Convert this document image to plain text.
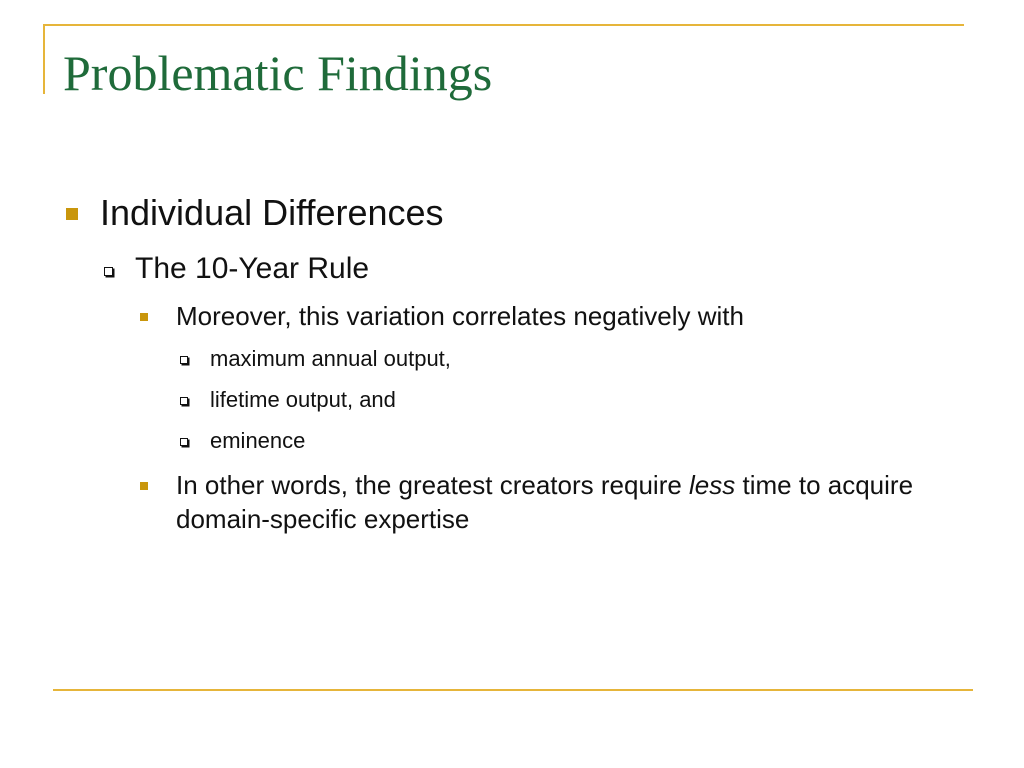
Problematic Findings
Individual Differences
The 10-Year Rule
Moreover, this variation correlates negatively with
maximum annual output,
lifetime output, and
eminence
In other words, the greatest creators require less time to acquire domain-specific expertise
